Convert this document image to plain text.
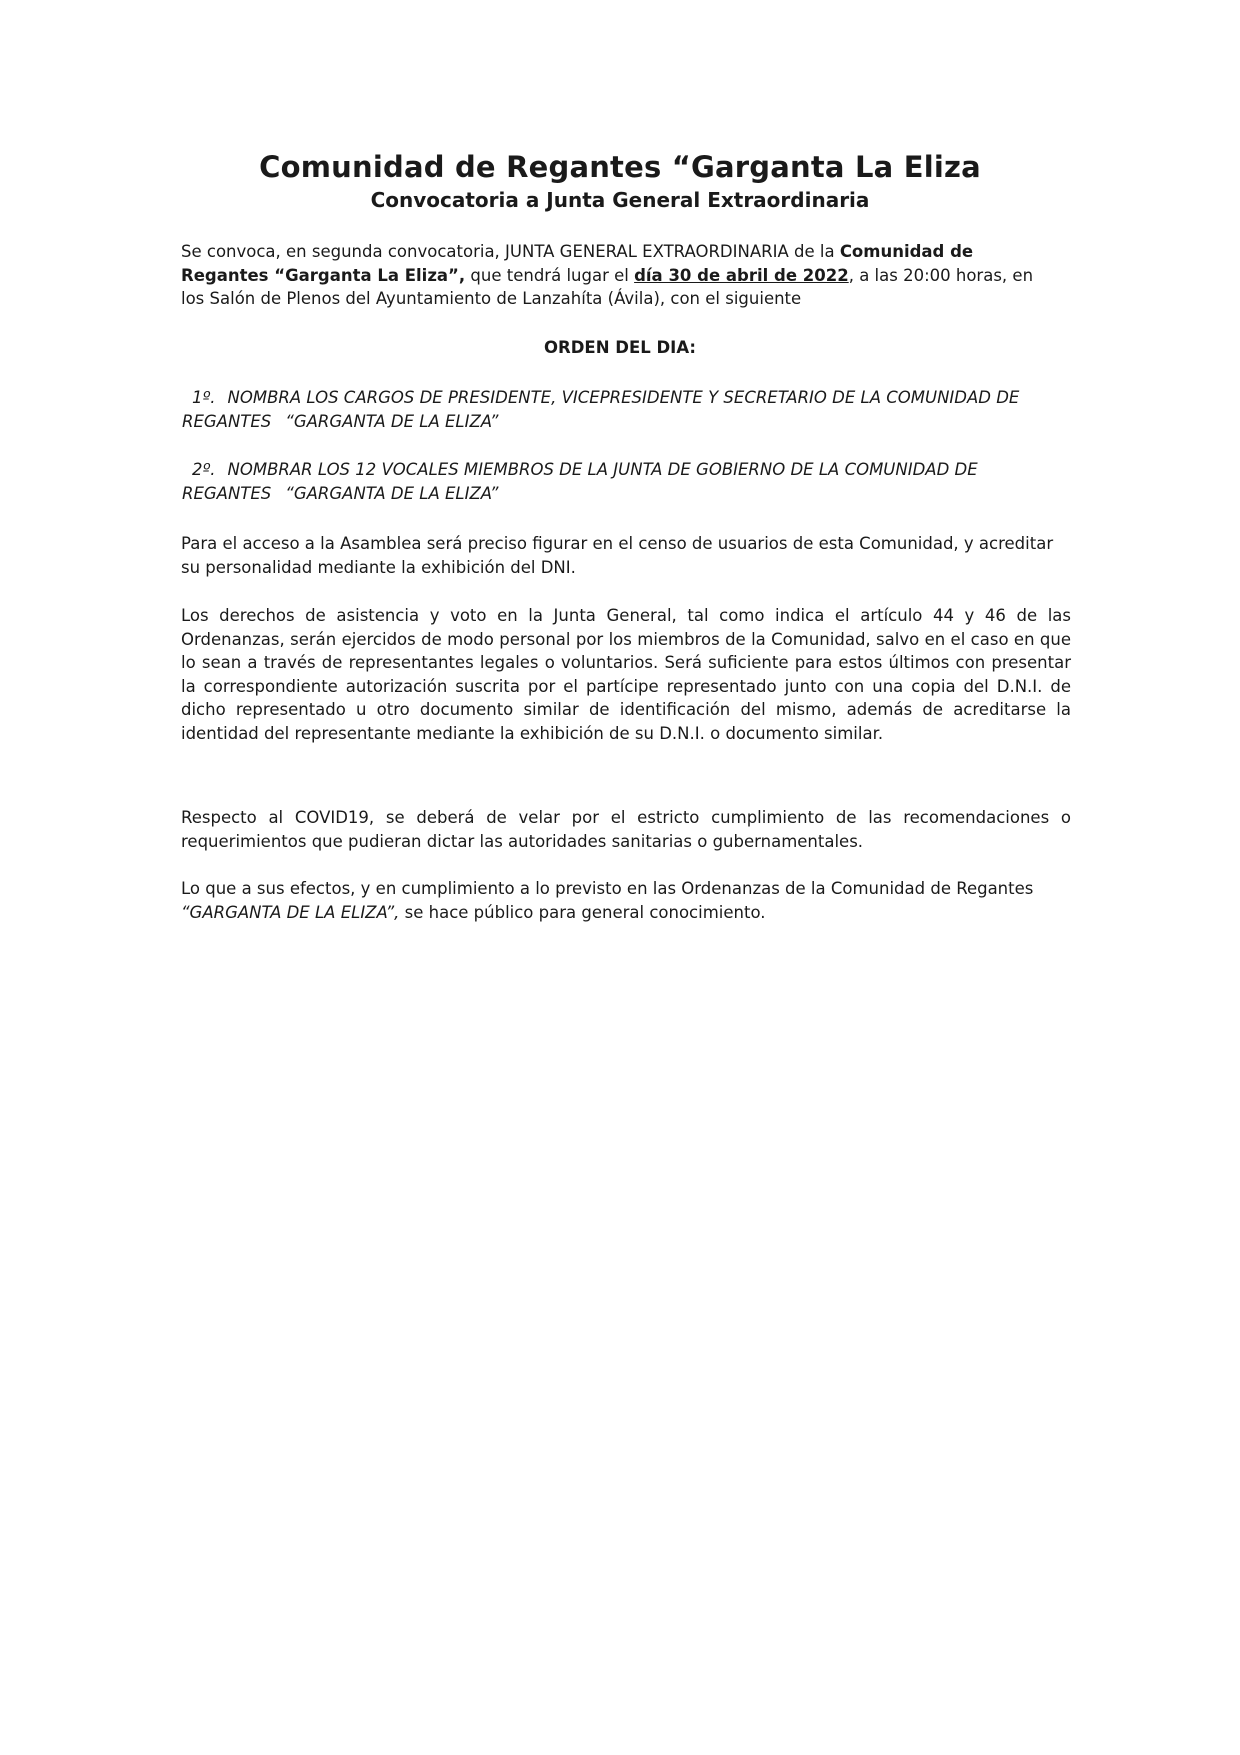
Comunidad de Regantes “Garganta La Eliza
Convocatoria a Junta General Extraordinaria

Se convoca, en segunda convocatoria, JUNTA GENERAL EXTRAORDINARIA de la Comunidad de Regantes “Garganta La Eliza”, que tendrá lugar el día 30 de abril de 2022, a las 20:00 horas, en los Salón de Plenos del Ayuntamiento de Lanzahíta (Ávila), con el siguiente

ORDEN DEL DIA:

1º. NOMBRA LOS CARGOS DE PRESIDENTE, VICEPRESIDENTE Y SECRETARIO DE LA COMUNIDAD DE REGANTES “GARGANTA DE LA ELIZA”

2º. NOMBRAR LOS 12 VOCALES MIEMBROS DE LA JUNTA DE GOBIERNO DE LA COMUNIDAD DE REGANTES “GARGANTA DE LA ELIZA”

Para el acceso a la Asamblea será preciso figurar en el censo de usuarios de esta Comunidad, y acreditar su personalidad mediante la exhibición del DNI.

Los derechos de asistencia y voto en la Junta General, tal como indica el artículo 44 y 46 de las Ordenanzas, serán ejercidos de modo personal por los miembros de la Comunidad, salvo en el caso en que lo sean a través de representantes legales o voluntarios. Será suficiente para estos últimos con presentar la correspondiente autorización suscrita por el partícipe representado junto con una copia del D.N.I. de dicho representado u otro documento similar de identificación del mismo, además de acreditarse la identidad del representante mediante la exhibición de su D.N.I. o documento similar.

Respecto al COVID19, se deberá de velar por el estricto cumplimiento de las recomendaciones o requerimientos que pudieran dictar las autoridades sanitarias o gubernamentales.

Lo que a sus efectos, y en cumplimiento a lo previsto en las Ordenanzas de la Comunidad de Regantes “GARGANTA DE LA ELIZA”, se hace público para general conocimiento.
